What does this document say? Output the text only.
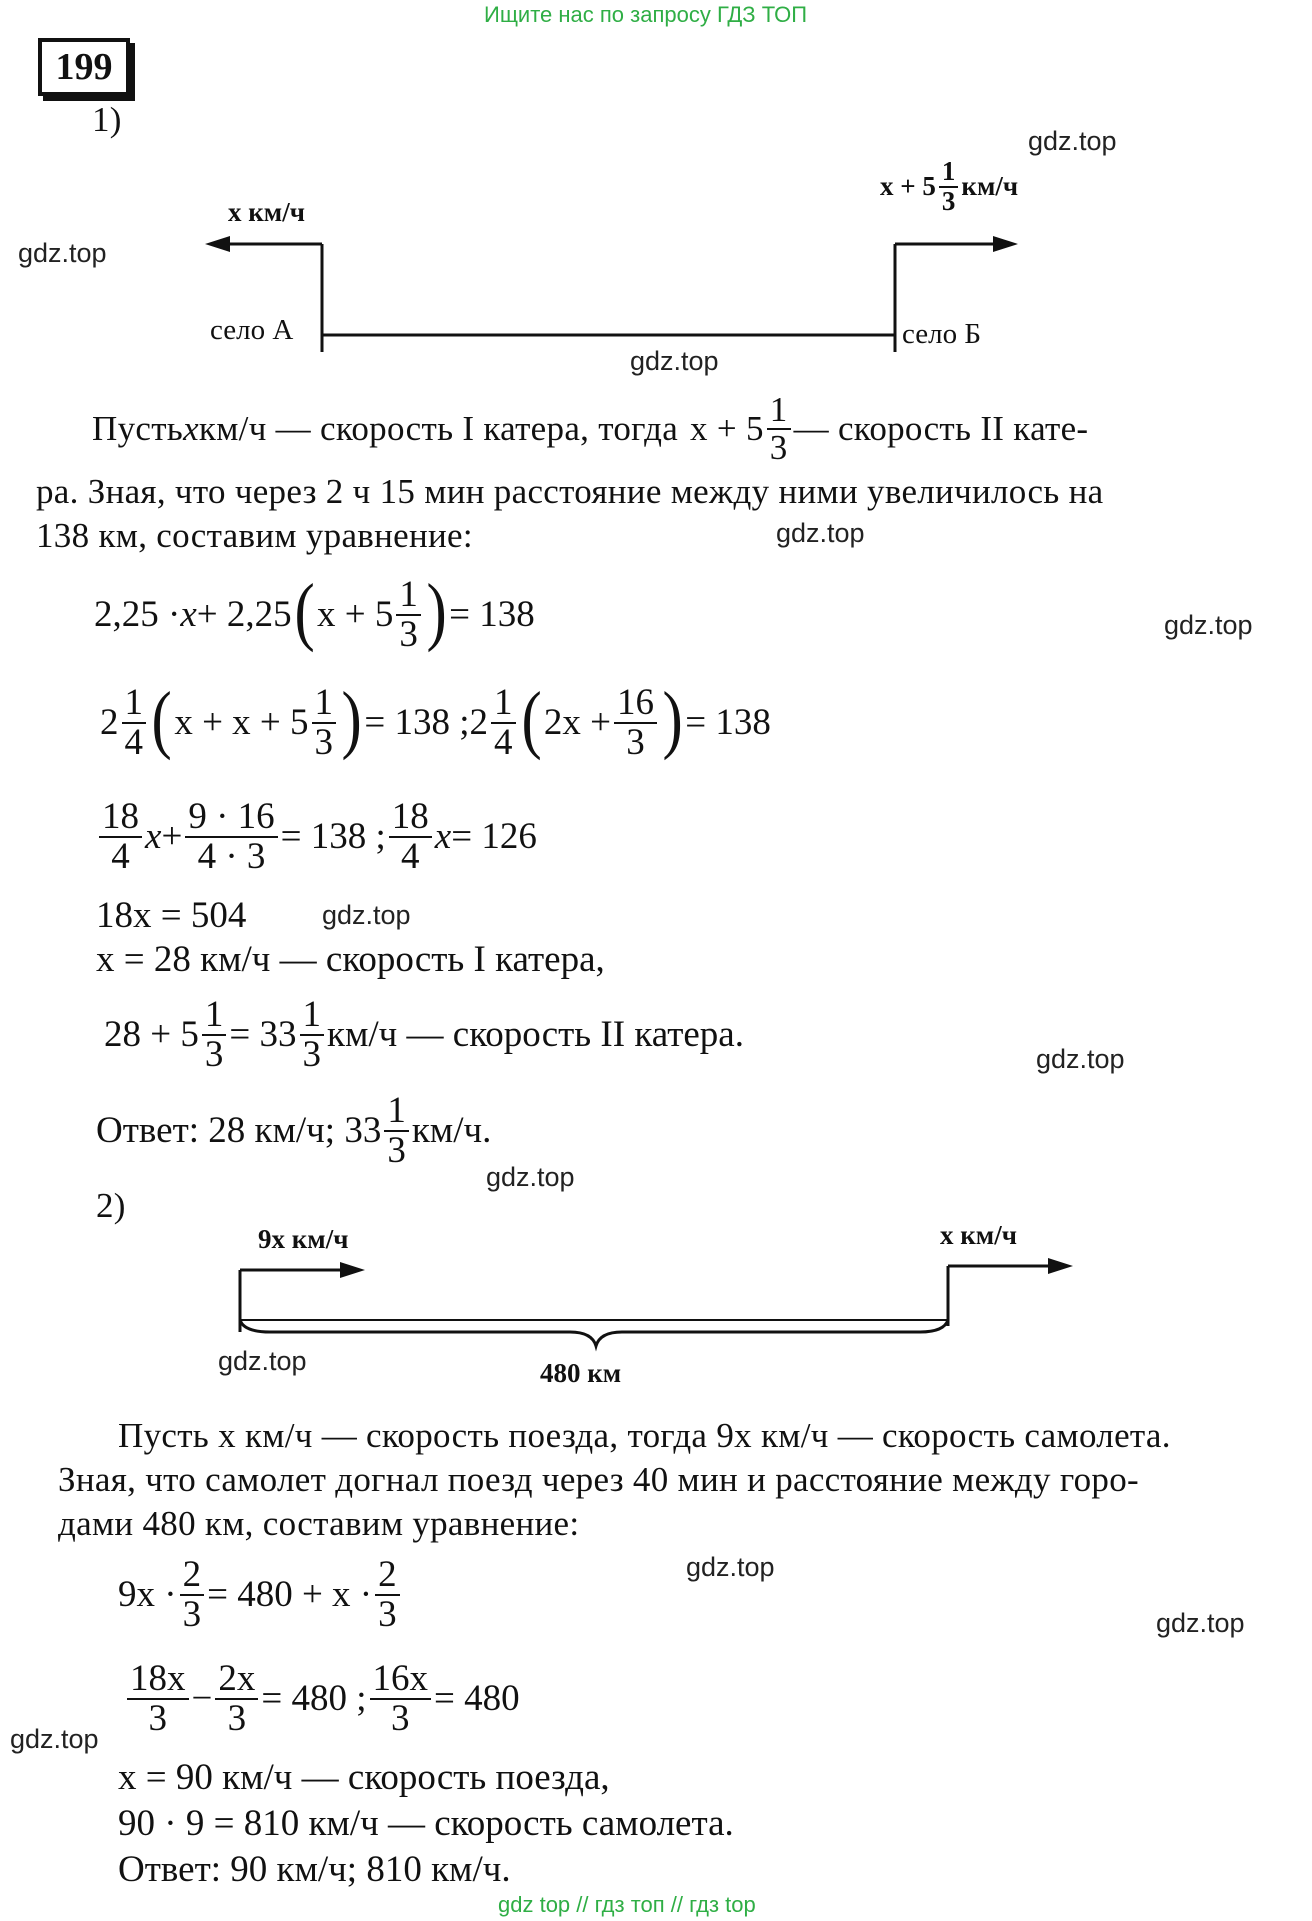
Ищите нас по запросу ГДЗ ТОП
199
1)
x км/ч
$x + 5 \frac{1}{3} км/ч$
село А	село Б
Пусть x км/ч — скорость I катера, тогда $x + 5 \frac{1}{3}$ — скорость II кате-
ра. Зная, что через 2 ч 15 мин расстояние между ними увеличилось на
138 км, составим уравнение:
2,25 · x + 2,25 ( $x + 5 \frac{1}{3}$ ) = 138
$2 \frac{1}{4}$ ( x + x + 5 1
3 ) = 138 ; 2 1
4 ( $2x + \frac{16}{3}$ ) = 138
18
4 $x + \frac{9 \cdot 16}{4 \cdot 3} = 138$ ; 18
4 x = 126
18x = 504
x = 28 км/ч — скорость I катера,
$28 + 5 \frac{1}{3} = 33$ 1
3 км/ч — скорость II катера.
Ответ: 28 км/ч; $33 \frac{1}{3} км/ч$.
2)
9x км/ч	x км/ч
480 км
Пусть x км/ч — скорость поезда, тогда 9x км/ч — скорость самолета.
Зная, что самолет догнал поезд через 40 мин и расстояние между горо-
дами 480 км, составим уравнение:
$9x \cdot \frac{2}{3} = 480 + x \cdot 2$
3
18x
$3 - \frac{2x}{3} = 480$ ; $\frac{16x}{3} = 480$
x = 90 км/ч — скорость поезда,
90 · 9 = 810 км/ч — скорость самолета.
Ответ: 90 км/ч; 810 км/ч.
gdz.top
gdz.top
gdz.top
gdz.top
gdz.top
gdz.top
gdz.top
gdz.top
gdz.top
gdz.top
gdz.top
gdz.top
gdz top // гдз топ // гдз top
